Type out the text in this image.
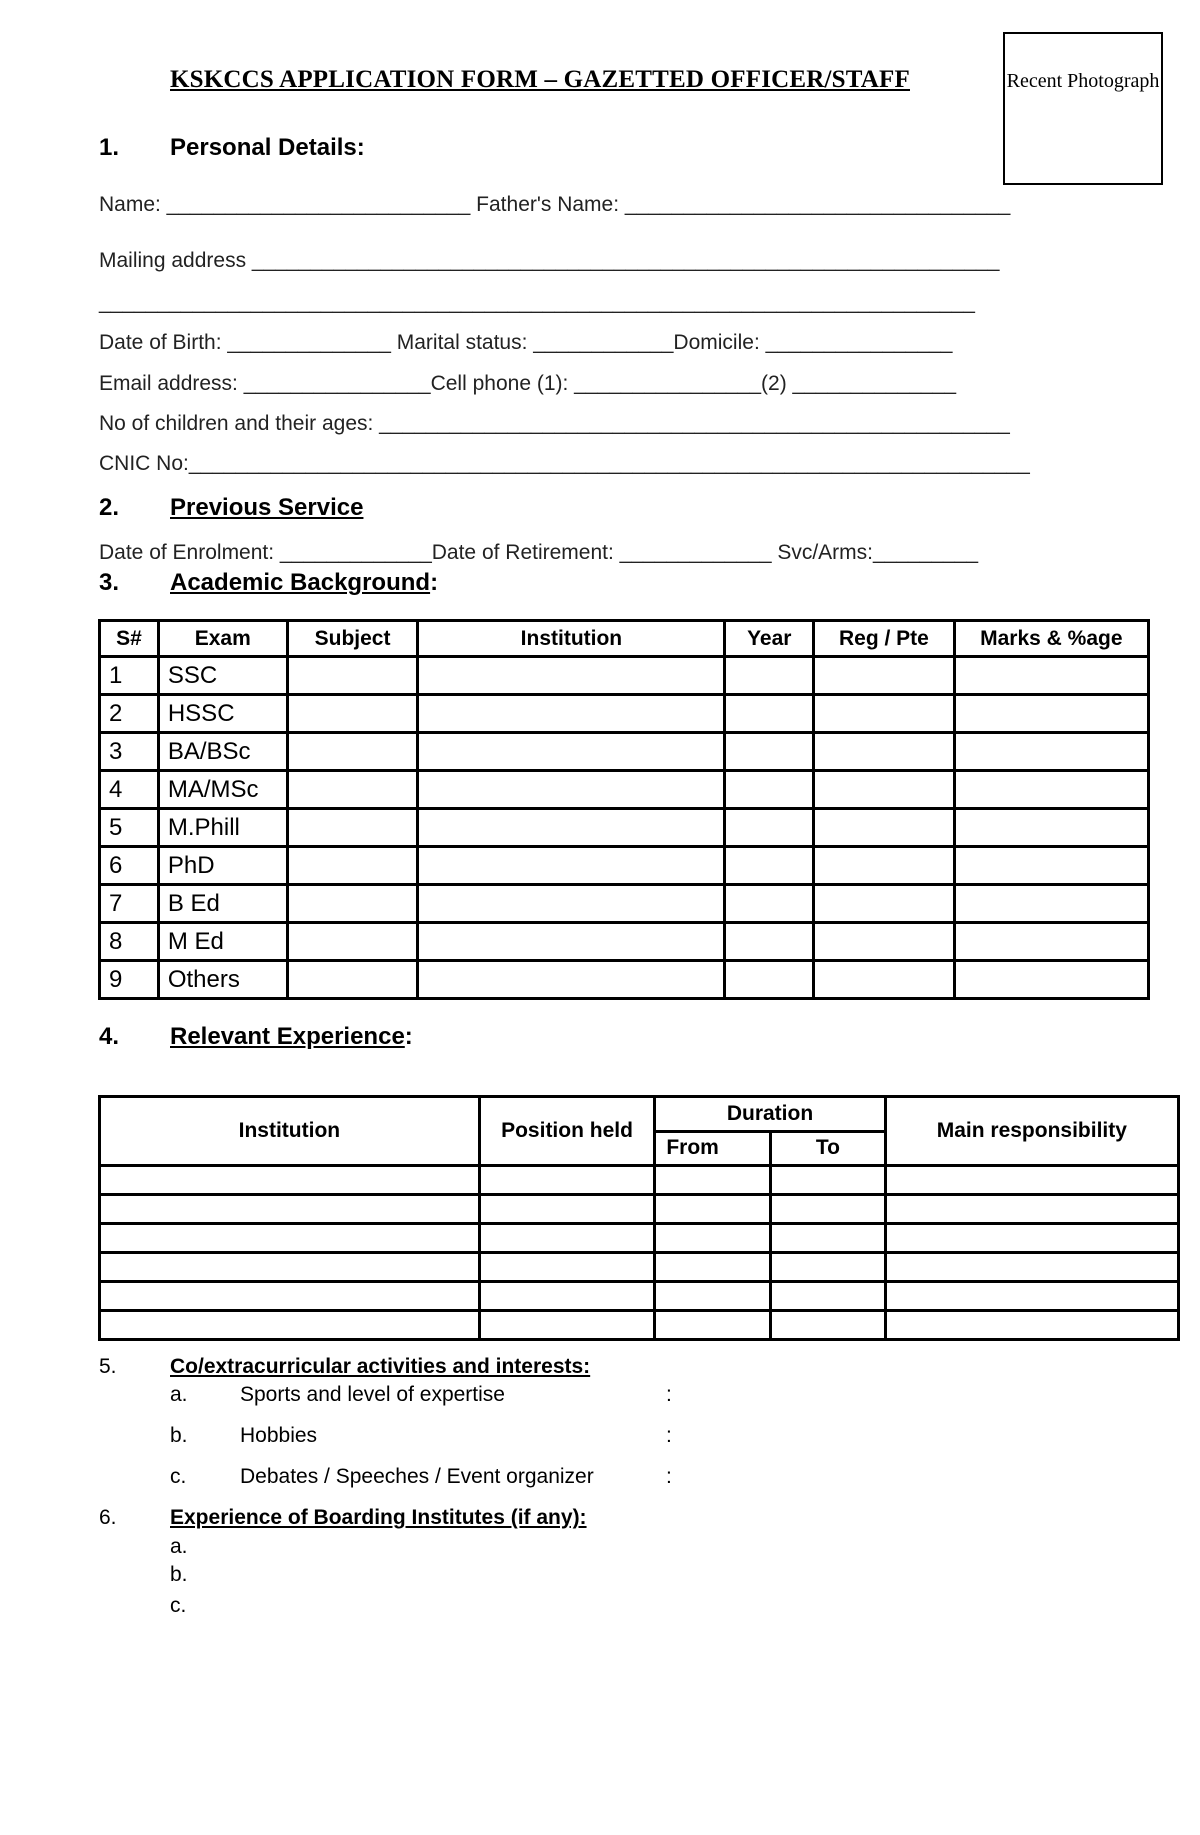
KSKCCS APPLICATION FORM – GAZETTED OFFICER/STAFF	Recent Photograph
1. Personal Details:
Name: __________________________ Father's Name: _________________________________
Mailing address ________________________________________________________________
___________________________________________________________________________
Date of Birth: ______________ Marital status: ____________Domicile: ________________
Email address: ________________Cell phone (1): ________________(2) ______________
No of children and their ages: ______________________________________________________
CNIC No:________________________________________________________________________
2. Previous Service
Date of Enrolment: _____________Date of Retirement: _____________ Svc/Arms:_________
3. Academic Background:
S#	Exam	Subject	Institution	Year	Reg / Pte	Marks & %age
1	SSC					
2	HSSC					
3	BA/BSc					
4	MA/MSc					
5	M.Phill					
6	PhD					
7	B Ed					
8	M Ed					
9	Others					
4. Relevant Experience:
Institution	Position held	Duration		Main responsibility
		From	To	

5.	Co/extracurricular activities and interests:
a. Sports and level of expertise	:
b. Hobbies	:
c.	Debates / Speeches / Event organizer	:
6.	Experience of Boarding Institutes (if any):
a.
b.
c.
